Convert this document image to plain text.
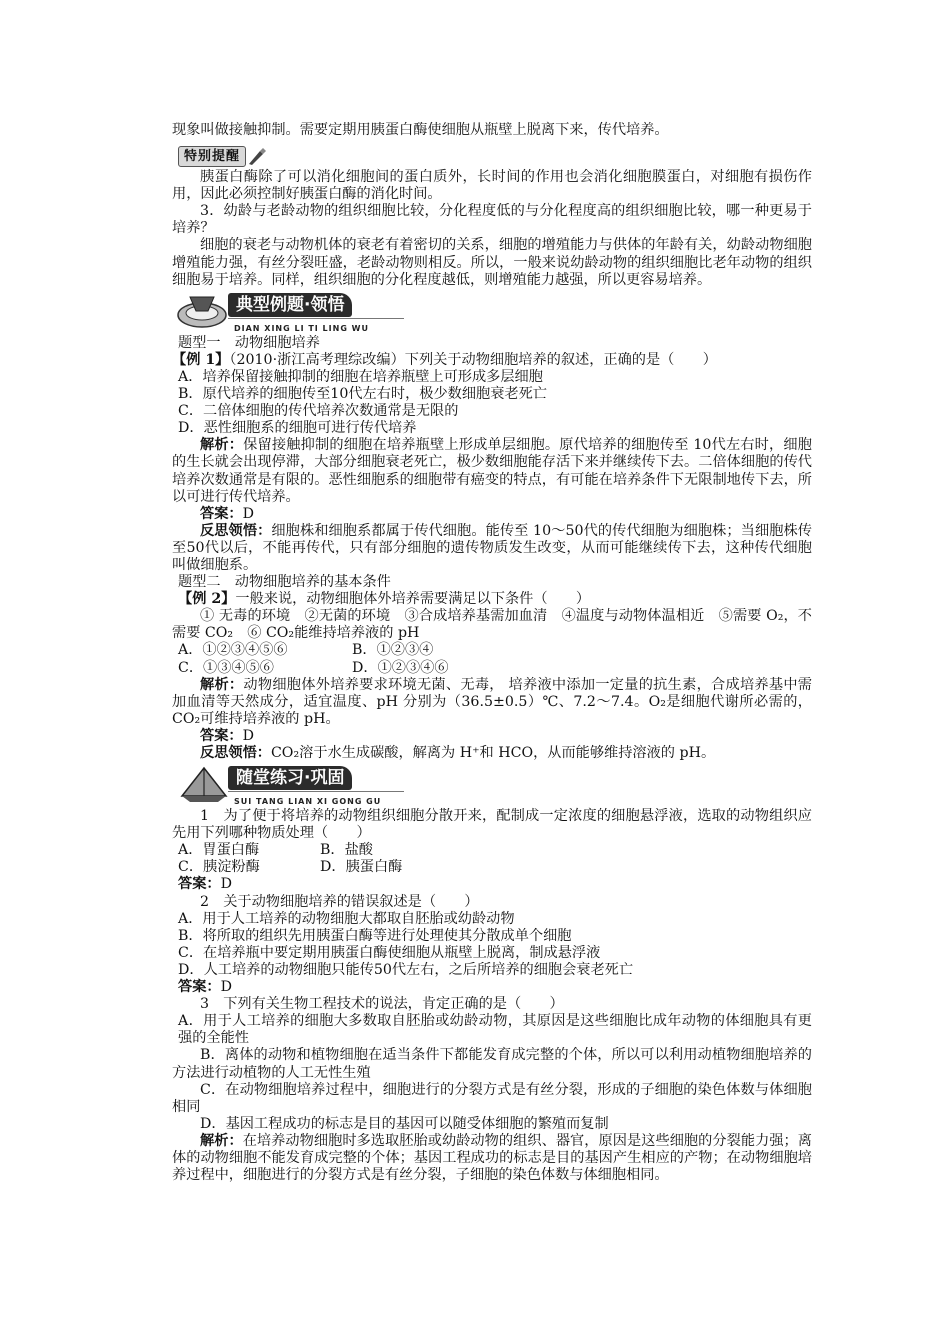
现象叫做接触抑制。需要定期用胰蛋白酶使细胞从瓶壁上脱离下来，传代培养。

特别提醒

胰蛋白酶除了可以消化细胞间的蛋白质外，长时间的作用也会消化细胞膜蛋白，对细胞有损伤作用，因此必须控制好胰蛋白酶的消化时间。

3．幼龄与老龄动物的组织细胞比较，分化程度低的与分化程度高的组织细胞比较，哪一种更易于培养？

细胞的衰老与动物机体的衰老有着密切的关系，细胞的增殖能力与供体的年龄有关，幼龄动物细胞增殖能力强，有丝分裂旺盛，老龄动物则相反。所以，一般来说幼龄动物的组织细胞比老年动物的组织细胞易于培养。同样，组织细胞的分化程度越低，则增殖能力越强，所以更容易培养。

典型例题·领悟
DIAN XING LI TI LING WU

题型一　动物细胞培养

【例 1】（2010·浙江高考理综改编）下列关于动物细胞培养的叙述，正确的是（　　）

A．培养保留接触抑制的细胞在培养瓶壁上可形成多层细胞

B．原代培养的细胞传至10代左右时，极少数细胞衰老死亡

C．二倍体细胞的传代培养次数通常是无限的

D．恶性细胞系的细胞可进行传代培养

解析：保留接触抑制的细胞在培养瓶壁上形成单层细胞。原代培养的细胞传至 10代左右时，细胞的生长就会出现停滞，大部分细胞衰老死亡，极少数细胞能存活下来并继续传下去。二倍体细胞的传代培养次数通常是有限的。恶性细胞系的细胞带有癌变的特点，有可能在培养条件下无限制地传下去，所以可进行传代培养。

答案：D

反思领悟：细胞株和细胞系都属于传代细胞。能传至 10～50代的传代细胞为细胞株；当细胞株传至50代以后，不能再传代，只有部分细胞的遗传物质发生改变，从而可能继续传下去，这种传代细胞叫做细胞系。

题型二　动物细胞培养的基本条件

【例 2】一般来说，动物细胞体外培养需要满足以下条件（　　）

① 无毒的环境　②无菌的环境　③合成培养基需加血清　④温度与动物体温相近　⑤需要 O₂，不需要 CO₂　⑥ CO₂能维持培养液的 pH

A．①②③④⑤⑥	B．①②③④
C．①③④⑤⑥	D．①②③④⑥

解析：动物细胞体外培养要求环境无菌、无毒， 培养液中添加一定量的抗生素，合成培养基中需加血清等天然成分，适宜温度、pH 分别为（36.5±0.5）℃、7.2～7.4。O₂是细胞代谢所必需的，CO₂可维持培养液的 pH。

答案：D

反思领悟：CO₂溶于水生成碳酸，解离为 H⁺和 HCO，从而能够维持溶液的 pH。

随堂练习·巩固
SUI TANG LIAN XI GONG GU

1　为了便于将培养的动物组织细胞分散开来，配制成一定浓度的细胞悬浮液，选取的动物组织应先用下列哪种物质处理（　　）

A．胃蛋白酶	B．盐酸
C．胰淀粉酶	D．胰蛋白酶

答案：D

2　关于动物细胞培养的错误叙述是（　　）

A．用于人工培养的动物细胞大都取自胚胎或幼龄动物

B．将所取的组织先用胰蛋白酶等进行处理使其分散成单个细胞

C．在培养瓶中要定期用胰蛋白酶使细胞从瓶壁上脱离，制成悬浮液

D．人工培养的动物细胞只能传50代左右，之后所培养的细胞会衰老死亡

答案：D

3　下列有关生物工程技术的说法，肯定正确的是（　　）

A．用于人工培养的细胞大多数取自胚胎或幼龄动物，其原因是这些细胞比成年动物的体细胞具有更强的全能性

B．离体的动物和植物细胞在适当条件下都能发育成完整的个体，所以可以利用动植物细胞培养的方法进行动植物的人工无性生殖

C．在动物细胞培养过程中，细胞进行的分裂方式是有丝分裂，形成的子细胞的染色体数与体细胞相同

D．基因工程成功的标志是目的基因可以随受体细胞的繁殖而复制

解析：在培养动物细胞时多选取胚胎或幼龄动物的组织、器官，原因是这些细胞的分裂能力强；离体的动物细胞不能发育成完整的个体；基因工程成功的标志是目的基因产生相应的产物；在动物细胞培养过程中，细胞进行的分裂方式是有丝分裂，子细胞的染色体数与体细胞相同。
